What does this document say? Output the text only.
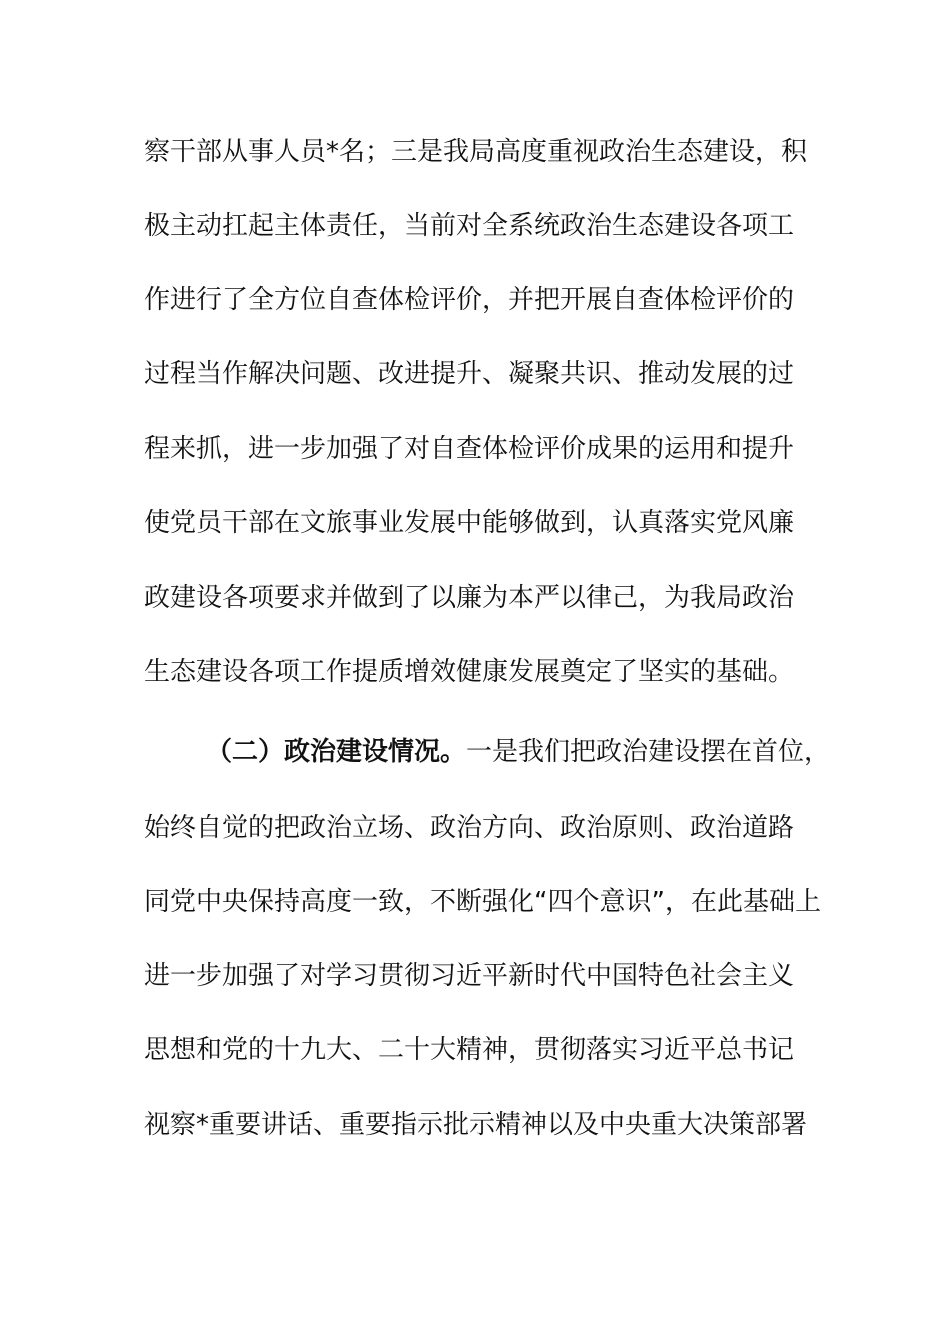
察干部从事人员*名；三是我局高度重视政治生态建设，积
极主动扛起主体责任，当前对全系统政治生态建设各项工
作进行了全方位自查体检评价，并把开展自查体检评价的
过程当作解决问题、改进提升、凝聚共识、推动发展的过
程来抓，进一步加强了对自查体检评价成果的运用和提升
使党员干部在文旅事业发展中能够做到，认真落实党风廉
政建设各项要求并做到了以廉为本严以律己，为我局政治
生态建设各项工作提质增效健康发展奠定了坚实的基础。
（二）政治建设情况。一是我们把政治建设摆在首位，
始终自觉的把政治立场、政治方向、政治原则、政治道路
同党中央保持高度一致，不断强化“四个意识”，在此基础上
进一步加强了对学习贯彻习近平新时代中国特色社会主义
思想和党的十九大、二十大精神，贯彻落实习近平总书记
视察*重要讲话、重要指示批示精神以及中央重大决策部署
